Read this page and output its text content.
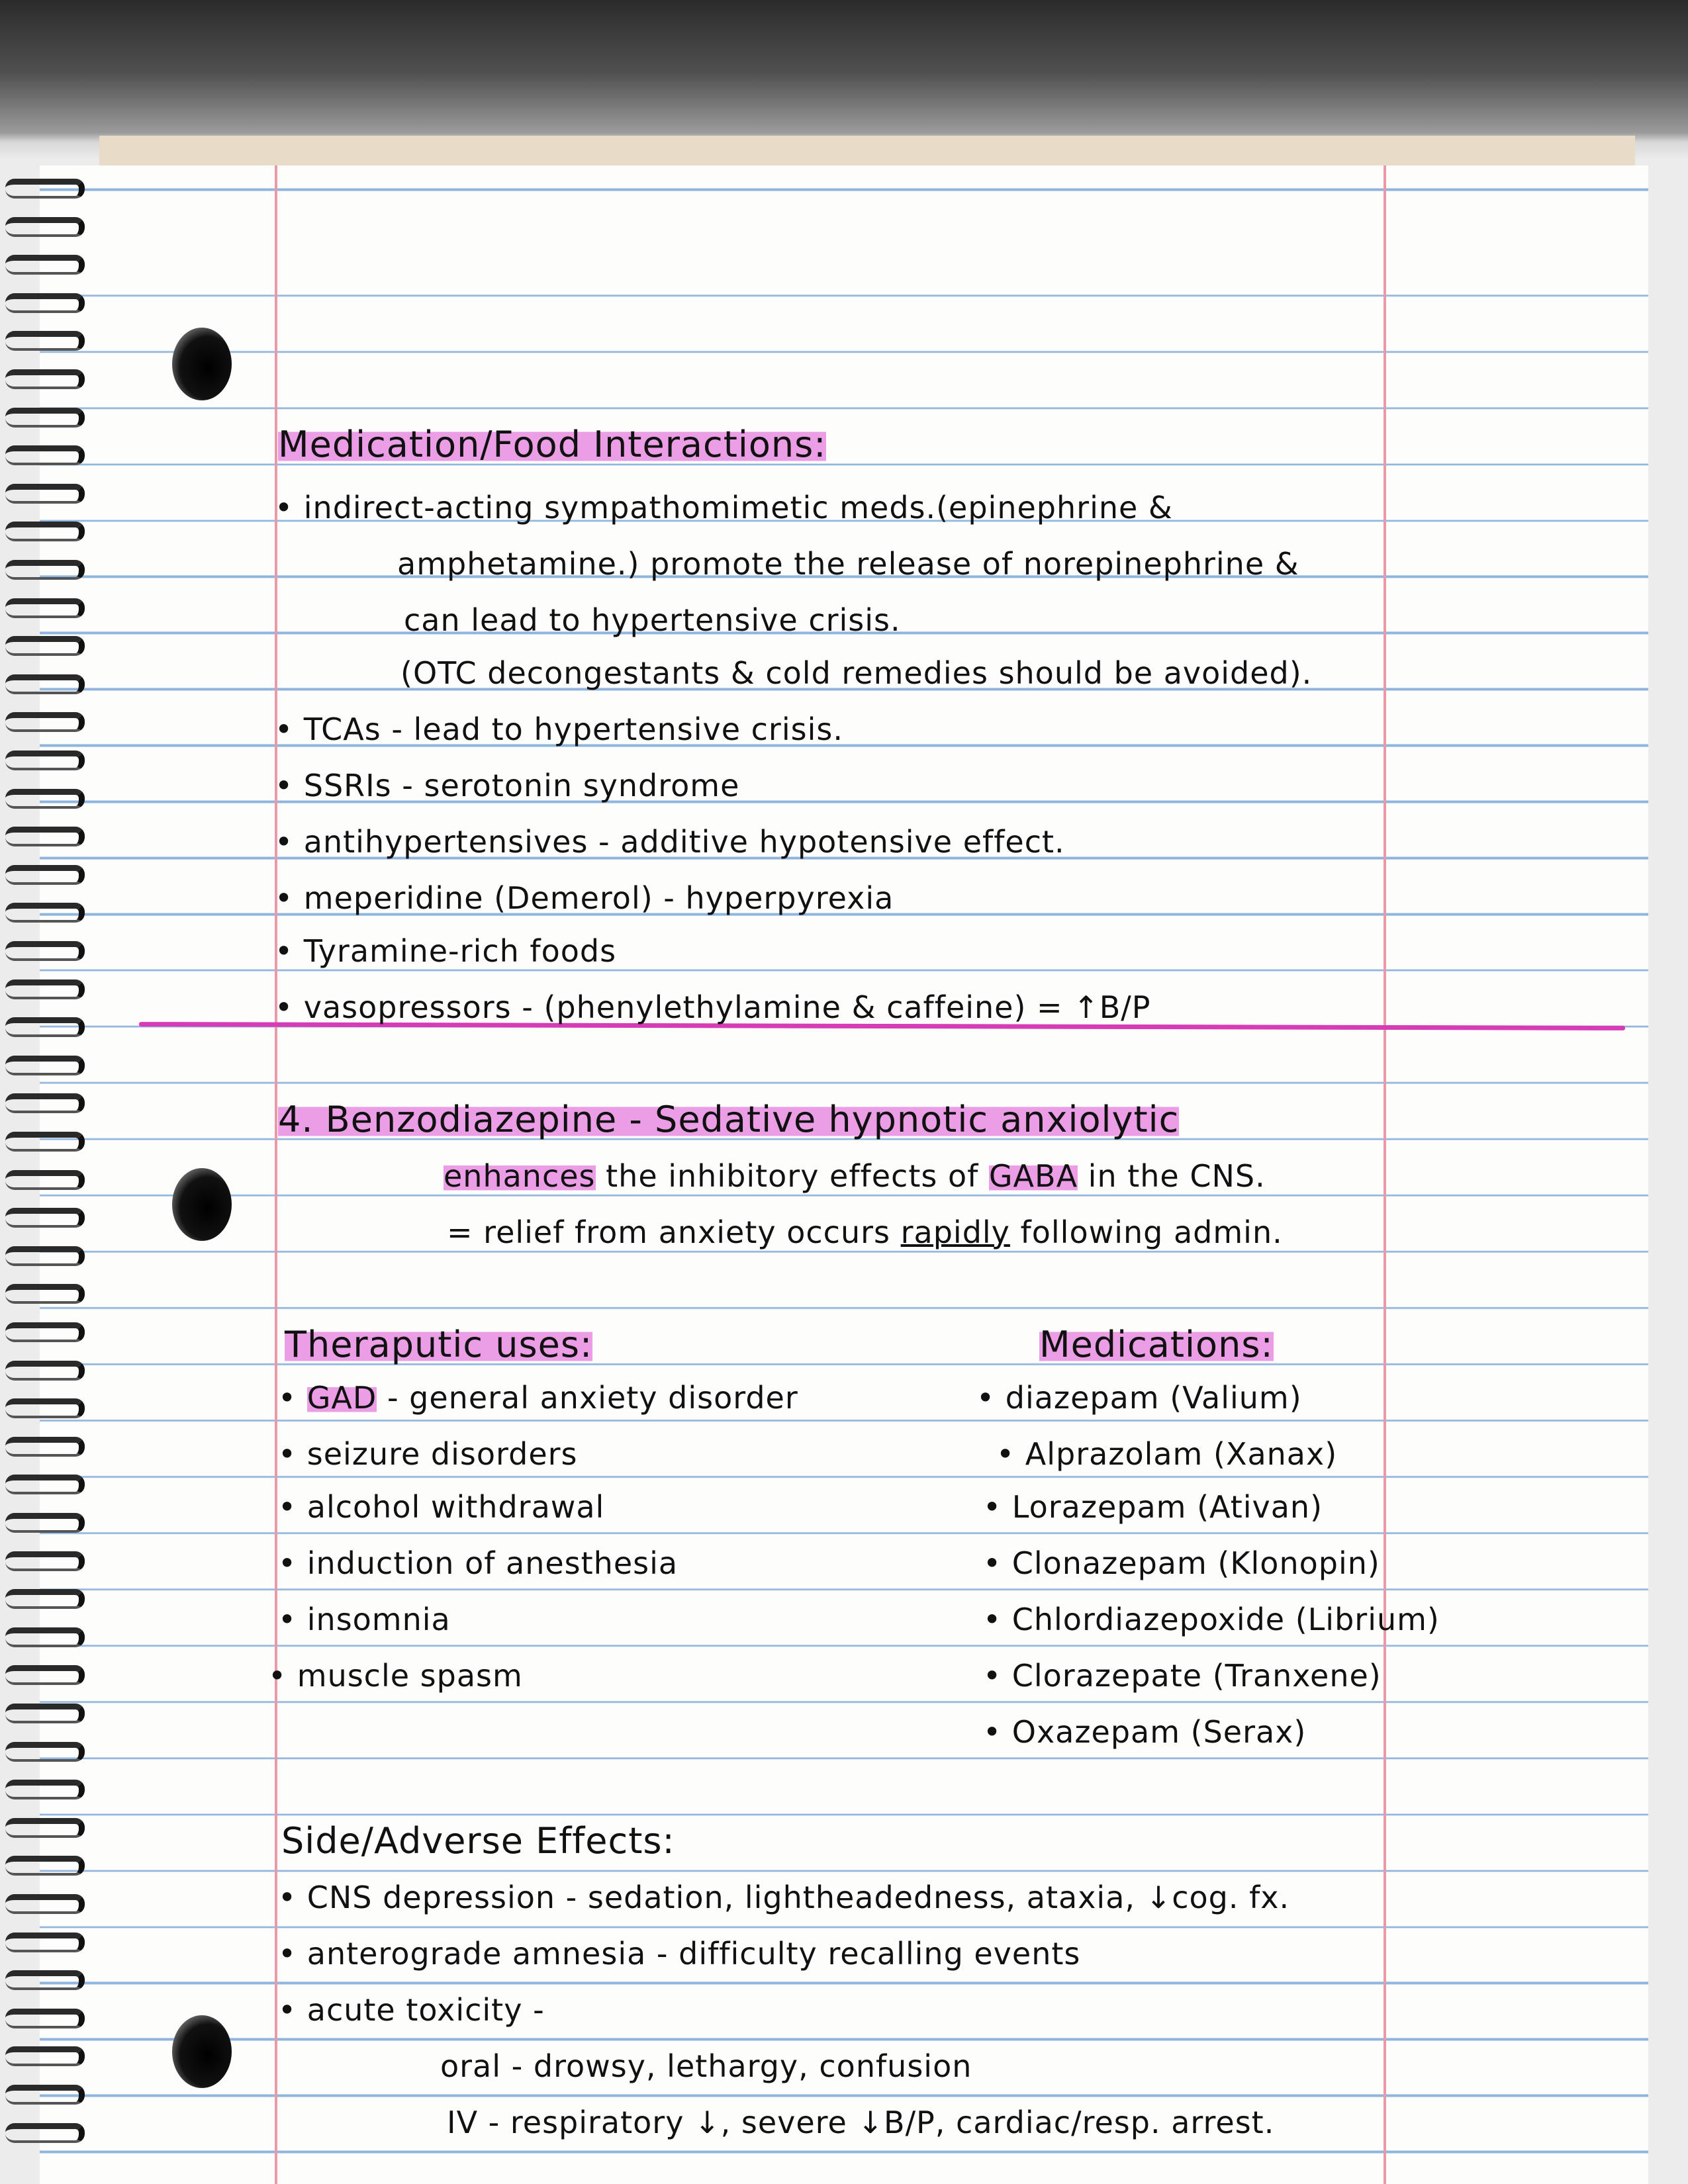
Medication/Food Interactions:
• indirect-acting sympathomimetic meds.(epinephrine &
amphetamine.) promote the release of norepinephrine &
can lead to hypertensive crisis.
(OTC decongestants & cold remedies should be avoided).
• TCAs - lead to hypertensive crisis.
• SSRIs - serotonin syndrome
• antihypertensives - additive hypotensive effect.
• meperidine (Demerol) - hyperpyrexia
• Tyramine-rich foods
• vasopressors - (phenylethylamine & caffeine) = ↑B/P
4. Benzodiazepine - Sedative hypnotic anxiolytic
enhances the inhibitory effects of GABA in the CNS.
= relief from anxiety occurs rapidly following admin.
Theraputic uses:
• GAD - general anxiety disorder
• seizure disorders
• alcohol withdrawal
• induction of anesthesia
• insomnia
• muscle spasm
Medications:
• diazepam (Valium)
• Alprazolam (Xanax)
• Lorazepam (Ativan)
• Clonazepam (Klonopin)
• Chlordiazepoxide (Librium)
• Clorazepate (Tranxene)
• Oxazepam (Serax)
Side/Adverse Effects:
• CNS depression - sedation, lightheadedness, ataxia, ↓cog. fx.
• anterograde amnesia - difficulty recalling events
• acute toxicity -
oral - drowsy, lethargy, confusion
IV - respiratory ↓, severe ↓B/P, cardiac/resp. arrest.
